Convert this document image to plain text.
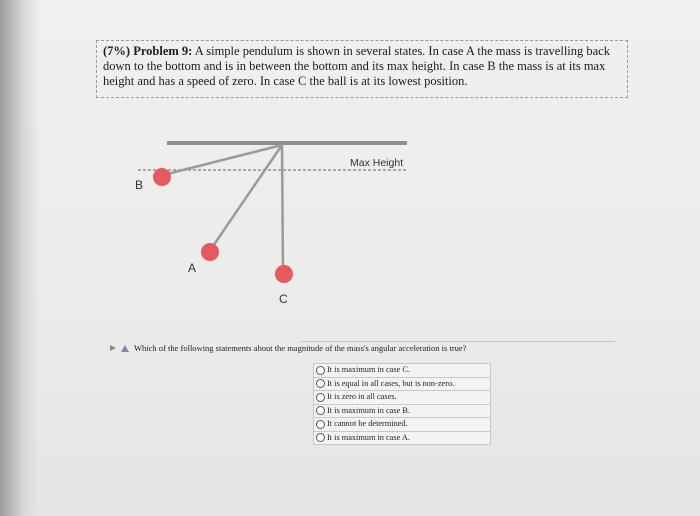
(7%) Problem 9: A simple pendulum is shown in several states. In case A the mass is travelling back down to the bottom and is in between the bottom and its max height. In case B the mass is at its max height and has a speed of zero. In case C the ball is at its lowest position.
Max Height
B
A
C
Which of the following statements about the magnitude of the mass's angular acceleration is true?
It is maximum in case C.
It is equal in all cases, but is non-zero.
It is zero in all cases.
It is maximum in case B.
It cannot be determined.
It is maximum in case A.
